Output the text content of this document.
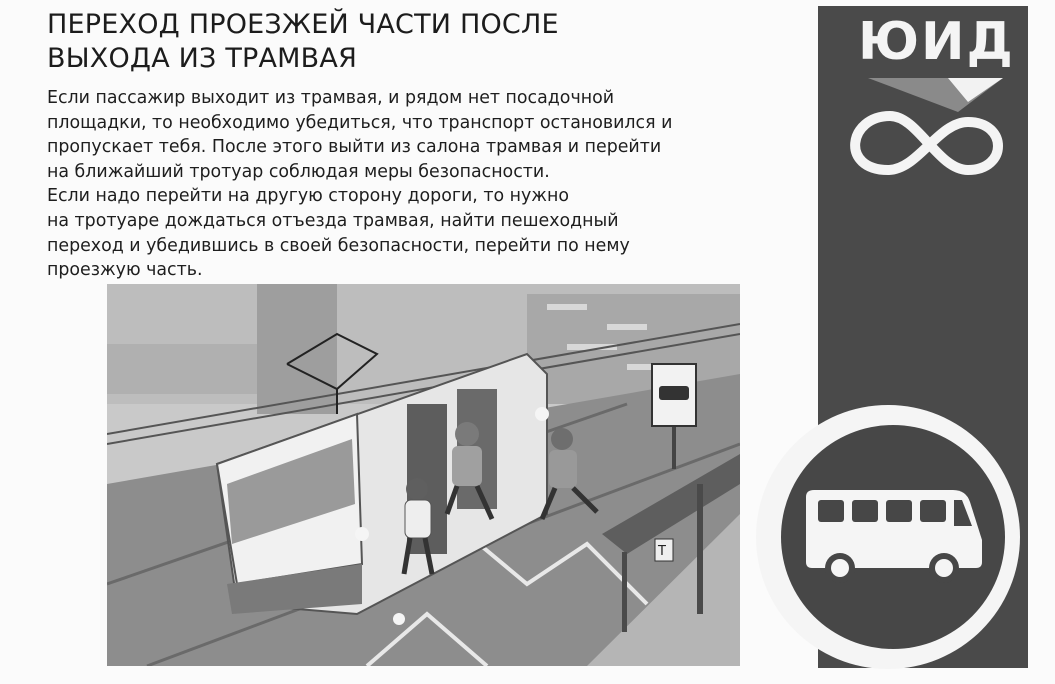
ПЕРЕХОД ПРОЕЗЖЕЙ ЧАСТИ ПОСЛЕ
ВЫХОДА ИЗ ТРАМВАЯ
Если пассажир выходит из трамвая, и рядом нет посадочной
площадки, то необходимо убедиться, что транспорт остановился и
пропускает тебя. После этого выйти из салона трамвая и перейти
на ближайший тротуар соблюдая меры безопасности.
Если надо перейти на другую сторону дороги, то нужно
на тротуаре дождаться отъезда трамвая, найти пешеходный
переход и убедившись в своей безопасности, перейти по нему
проезжую часть.
Т
ЮИД
